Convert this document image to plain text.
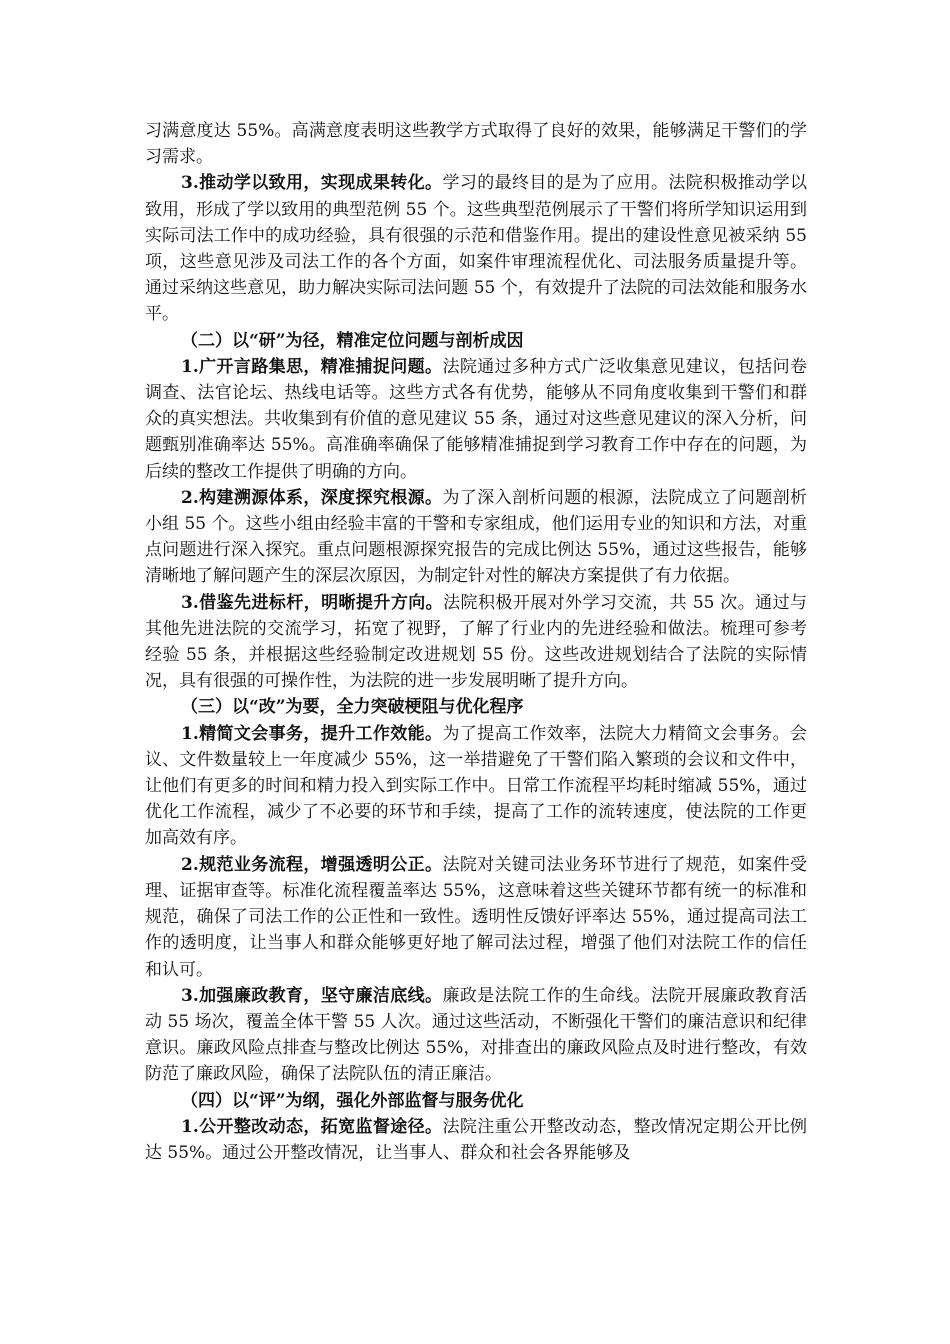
习满意度达 55%。高满意度表明这些教学方式取得了良好的效果，能够满足干警们的学习需求。

3.推动学以致用，实现成果转化。学习的最终目的是为了应用。法院积极推动学以致用，形成了学以致用的典型范例 55 个。这些典型范例展示了干警们将所学知识运用到实际司法工作中的成功经验，具有很强的示范和借鉴作用。提出的建设性意见被采纳 55 项，这些意见涉及司法工作的各个方面，如案件审理流程优化、司法服务质量提升等。通过采纳这些意见，助力解决实际司法问题 55 个，有效提升了法院的司法效能和服务水平。

（二）以“研”为径，精准定位问题与剖析成因

1.广开言路集思，精准捕捉问题。法院通过多种方式广泛收集意见建议，包括问卷调查、法官论坛、热线电话等。这些方式各有优势，能够从不同角度收集到干警们和群众的真实想法。共收集到有价值的意见建议 55 条，通过对这些意见建议的深入分析，问题甄别准确率达 55%。高准确率确保了能够精准捕捉到学习教育工作中存在的问题，为后续的整改工作提供了明确的方向。

2.构建溯源体系，深度探究根源。为了深入剖析问题的根源，法院成立了问题剖析小组 55 个。这些小组由经验丰富的干警和专家组成，他们运用专业的知识和方法，对重点问题进行深入探究。重点问题根源探究报告的完成比例达 55%，通过这些报告，能够清晰地了解问题产生的深层次原因，为制定针对性的解决方案提供了有力依据。

3.借鉴先进标杆，明晰提升方向。法院积极开展对外学习交流，共 55 次。通过与其他先进法院的交流学习，拓宽了视野，了解了行业内的先进经验和做法。梳理可参考经验 55 条，并根据这些经验制定改进规划 55 份。这些改进规划结合了法院的实际情况，具有很强的可操作性，为法院的进一步发展明晰了提升方向。

（三）以“改”为要，全力突破梗阻与优化程序

1.精简文会事务，提升工作效能。为了提高工作效率，法院大力精简文会事务。会议、文件数量较上一年度减少 55%，这一举措避免了干警们陷入繁琐的会议和文件中，让他们有更多的时间和精力投入到实际工作中。日常工作流程平均耗时缩减 55%，通过优化工作流程，减少了不必要的环节和手续，提高了工作的流转速度，使法院的工作更加高效有序。

2.规范业务流程，增强透明公正。法院对关键司法业务环节进行了规范，如案件受理、证据审查等。标准化流程覆盖率达 55%，这意味着这些关键环节都有统一的标准和规范，确保了司法工作的公正性和一致性。透明性反馈好评率达 55%，通过提高司法工作的透明度，让当事人和群众能够更好地了解司法过程，增强了他们对法院工作的信任和认可。

3.加强廉政教育，坚守廉洁底线。廉政是法院工作的生命线。法院开展廉政教育活动 55 场次，覆盖全体干警 55 人次。通过这些活动，不断强化干警们的廉洁意识和纪律意识。廉政风险点排查与整改比例达 55%，对排查出的廉政风险点及时进行整改，有效防范了廉政风险，确保了法院队伍的清正廉洁。

（四）以“评”为纲，强化外部监督与服务优化

1.公开整改动态，拓宽监督途径。法院注重公开整改动态，整改情况定期公开比例达 55%。通过公开整改情况，让当事人、群众和社会各界能够及
